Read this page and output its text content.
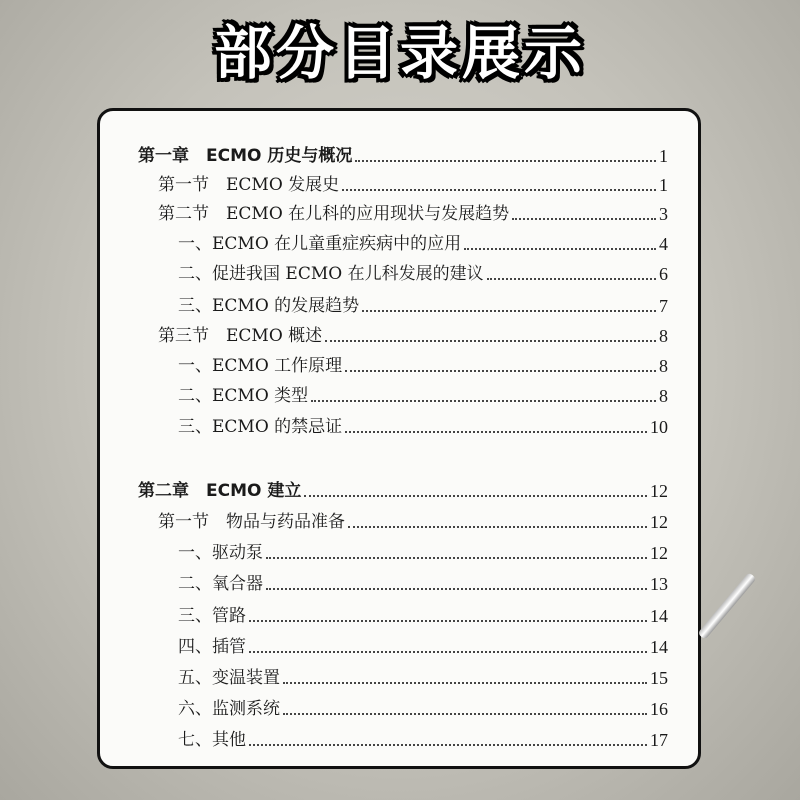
部分目录展示
第一章　ECMO 历史与概况	1
第一节　ECMO 发展史	1
第二节　ECMO 在儿科的应用现状与发展趋势	3
一、ECMO 在儿童重症疾病中的应用	4
二、促进我国 ECMO 在儿科发展的建议	6
三、ECMO 的发展趋势	7
第三节　ECMO 概述	8
一、ECMO 工作原理	8
二、ECMO 类型	8
三、ECMO 的禁忌证	10
第二章　ECMO 建立	12
第一节　物品与药品准备	12
一、驱动泵	12
二、氧合器	13
三、管路	14
四、插管	14
五、变温装置	15
六、监测系统	16
七、其他	17
